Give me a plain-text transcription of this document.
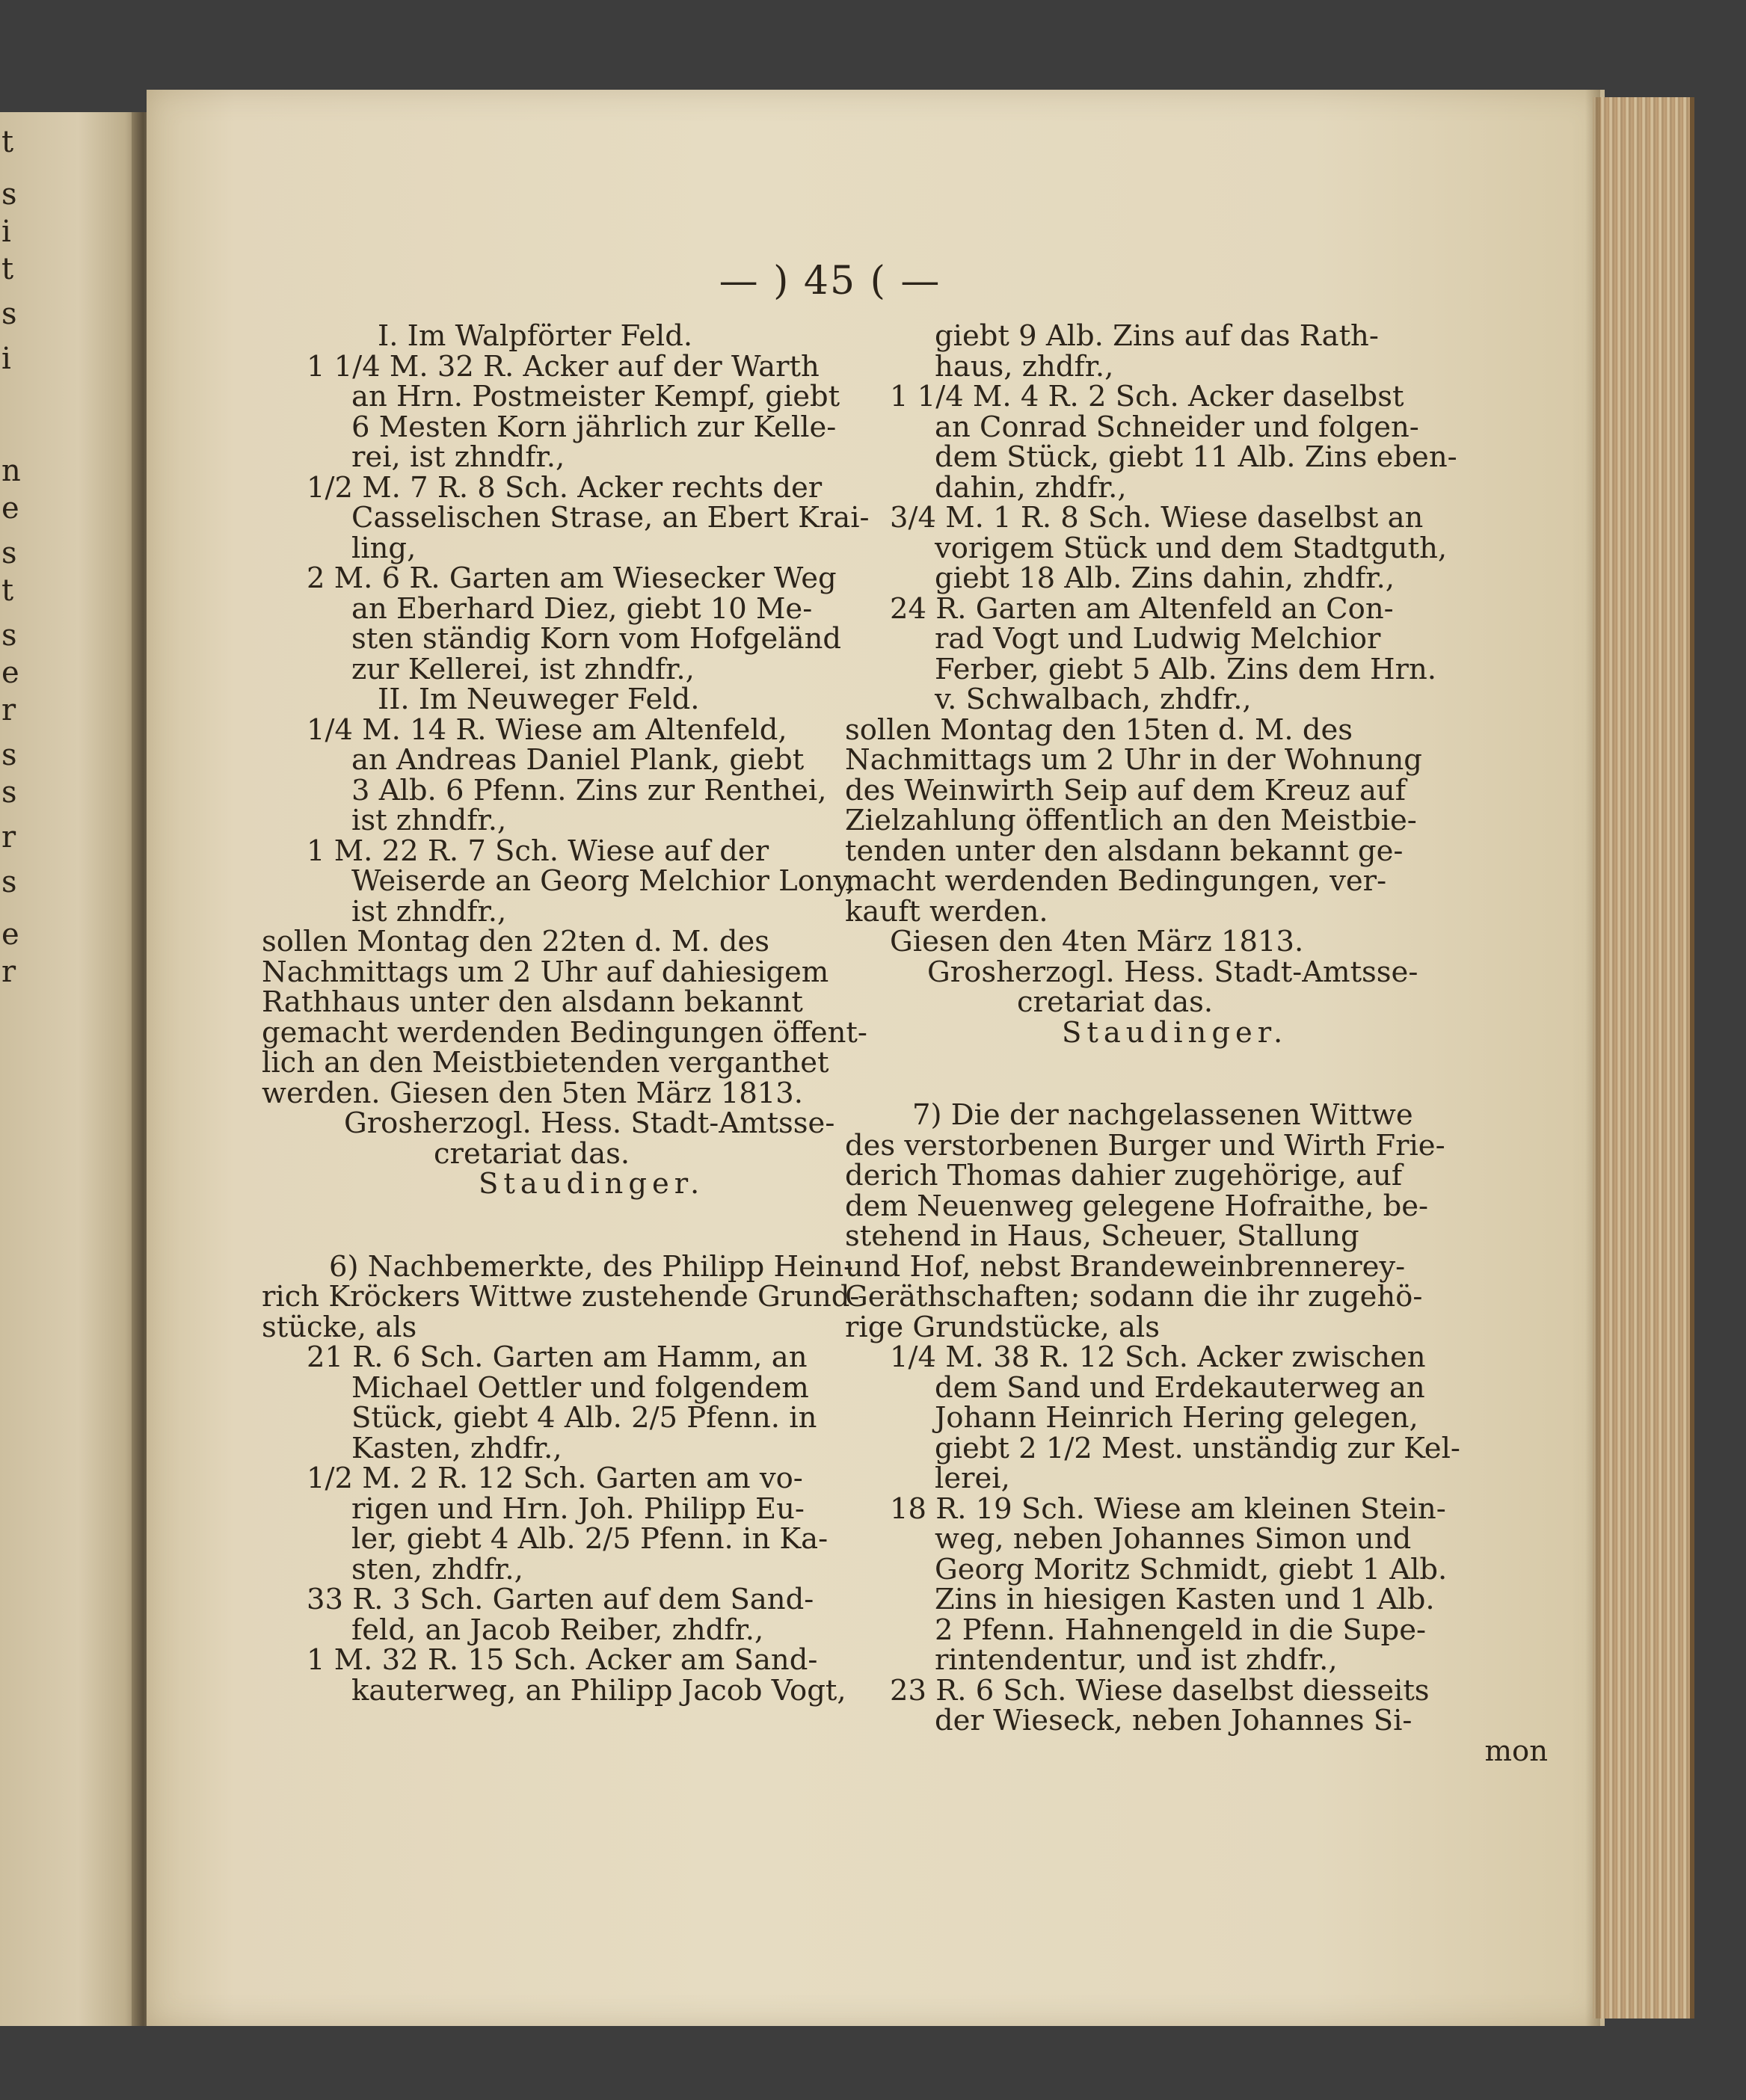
t
s
i
t
s
i
n
e
s
t
s
e
r
s
s
r
s
e
r
— ) 45 ( —
I. Im Walpförter Feld.
1 1/4 M. 32 R. Acker auf der Warth
an Hrn. Postmeister Kempf, giebt
6 Mesten Korn jährlich zur Kelle-
rei, ist zhndfr.,
1/2 M. 7 R. 8 Sch. Acker rechts der
Casselischen Strase, an Ebert Krai-
ling,
2 M. 6 R. Garten am Wiesecker Weg
an Eberhard Diez, giebt 10 Me-
sten ständig Korn vom Hofgeländ
zur Kellerei, ist zhndfr.,
II. Im Neuweger Feld.
1/4 M. 14 R. Wiese am Altenfeld,
an Andreas Daniel Plank, giebt
3 Alb. 6 Pfenn. Zins zur Renthei,
ist zhndfr.,
1 M. 22 R. 7 Sch. Wiese auf der
Weiserde an Georg Melchior Lony,
ist zhndfr.,
sollen Montag den 22ten d. M. des
Nachmittags um 2 Uhr auf dahiesigem
Rathhaus unter den alsdann bekannt
gemacht werdenden Bedingungen öffent-
lich an den Meistbietenden verganthet
werden. Giesen den 5ten März 1813.
Grosherzogl. Hess. Stadt-Amtsse-
cretariat das.
Staudinger.
6) Nachbemerkte, des Philipp Hein-
rich Kröckers Wittwe zustehende Grund-
stücke, als
21 R. 6 Sch. Garten am Hamm, an
Michael Oettler und folgendem
Stück, giebt 4 Alb. 2/5 Pfenn. in
Kasten, zhdfr.,
1/2 M. 2 R. 12 Sch. Garten am vo-
rigen und Hrn. Joh. Philipp Eu-
ler, giebt 4 Alb. 2/5 Pfenn. in Ka-
sten, zhdfr.,
33 R. 3 Sch. Garten auf dem Sand-
feld, an Jacob Reiber, zhdfr.,
1 M. 32 R. 15 Sch. Acker am Sand-
kauterweg, an Philipp Jacob Vogt,
giebt 9 Alb. Zins auf das Rath-
haus, zhdfr.,
1 1/4 M. 4 R. 2 Sch. Acker daselbst
an Conrad Schneider und folgen-
dem Stück, giebt 11 Alb. Zins eben-
dahin, zhdfr.,
3/4 M. 1 R. 8 Sch. Wiese daselbst an
vorigem Stück und dem Stadtguth,
giebt 18 Alb. Zins dahin, zhdfr.,
24 R. Garten am Altenfeld an Con-
rad Vogt und Ludwig Melchior
Ferber, giebt 5 Alb. Zins dem Hrn.
v. Schwalbach, zhdfr.,
sollen Montag den 15ten d. M. des
Nachmittags um 2 Uhr in der Wohnung
des Weinwirth Seip auf dem Kreuz auf
Zielzahlung öffentlich an den Meistbie-
tenden unter den alsdann bekannt ge-
macht werdenden Bedingungen, ver-
kauft werden.
Giesen den 4ten März 1813.
Grosherzogl. Hess. Stadt-Amtsse-
cretariat das.
Staudinger.
7) Die der nachgelassenen Wittwe
des verstorbenen Burger und Wirth Frie-
derich Thomas dahier zugehörige, auf
dem Neuenweg gelegene Hofraithe, be-
stehend in Haus, Scheuer, Stallung
und Hof, nebst Brandeweinbrennerey-
Geräthschaften; sodann die ihr zugehö-
rige Grundstücke, als
1/4 M. 38 R. 12 Sch. Acker zwischen
dem Sand und Erdekauterweg an
Johann Heinrich Hering gelegen,
giebt 2 1/2 Mest. unständig zur Kel-
lerei,
18 R. 19 Sch. Wiese am kleinen Stein-
weg, neben Johannes Simon und
Georg Moritz Schmidt, giebt 1 Alb.
Zins in hiesigen Kasten und 1 Alb.
2 Pfenn. Hahnengeld in die Supe-
rintendentur, und ist zhdfr.,
23 R. 6 Sch. Wiese daselbst diesseits
der Wieseck, neben Johannes Si-
mon
